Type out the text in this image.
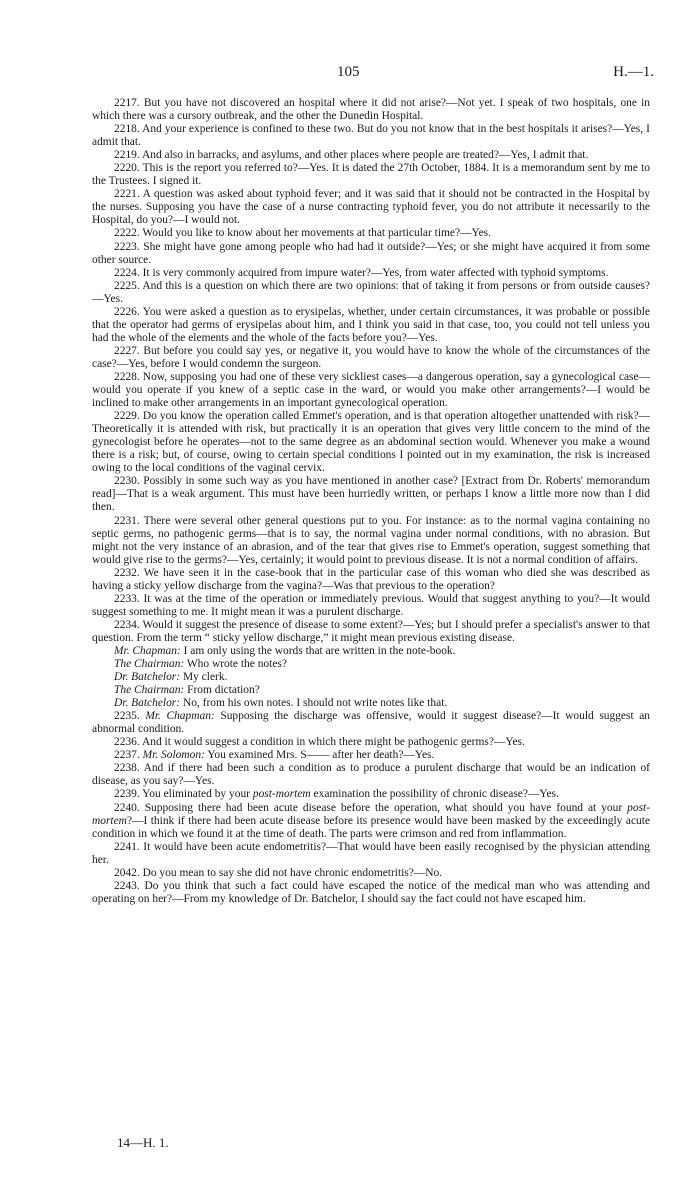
105	H.—1.

2217. But you have not discovered an hospital where it did not arise?—Not yet. I speak of two hospitals, one in which there was a cursory outbreak, and the other the Dunedin Hospital.

2218. And your experience is confined to these two. But do you not know that in the best hospitals it arises?—Yes, I admit that.

2219. And also in barracks, and asylums, and other places where people are treated?—Yes, I admit that.

2220. This is the report you referred to?—Yes. It is dated the 27th October, 1884. It is a memorandum sent by me to the Trustees. I signed it.

2221. A question was asked about typhoid fever; and it was said that it should not be contracted in the Hospital by the nurses. Supposing you have the case of a nurse contracting typhoid fever, you do not attribute it necessarily to the Hospital, do you?—I would not.

2222. Would you like to know about her movements at that particular time?—Yes.

2223. She might have gone among people who had had it outside?—Yes; or she might have acquired it from some other source.

2224. It is very commonly acquired from impure water?—Yes, from water affected with typhoid symptoms.

2225. And this is a question on which there are two opinions: that of taking it from persons or from outside causes?—Yes.

2226. You were asked a question as to erysipelas, whether, under certain circumstances, it was probable or possible that the operator had germs of erysipelas about him, and I think you said in that case, too, you could not tell unless you had the whole of the elements and the whole of the facts before you?—Yes.

2227. But before you could say yes, or negative it, you would have to know the whole of the circumstances of the case?—Yes, before I would condemn the surgeon.

2228. Now, supposing you had one of these very sickliest cases—a dangerous operation, say a gynecological case—would you operate if you knew of a septic case in the ward, or would you make other arrangements?—I would be inclined to make other arrangements in an important gynecological operation.

2229. Do you know the operation called Emmet's operation, and is that operation altogether unattended with risk?—Theoretically it is attended with risk, but practically it is an operation that gives very little concern to the mind of the gynecologist before he operates—not to the same degree as an abdominal section would. Whenever you make a wound there is a risk; but, of course, owing to certain special conditions I pointed out in my examination, the risk is increased owing to the local conditions of the vaginal cervix.

2230. Possibly in some such way as you have mentioned in another case? [Extract from Dr. Roberts' memorandum read]—That is a weak argument. This must have been hurriedly written, or perhaps I know a little more now than I did then.

2231. There were several other general questions put to you. For instance: as to the normal vagina containing no septic germs, no pathogenic germs—that is to say, the normal vagina under normal conditions, with no abrasion. But might not the very instance of an abrasion, and of the tear that gives rise to Emmet's operation, suggest something that would give rise to the germs?—Yes, certainly; it would point to previous disease. It is not a normal condition of affairs.

2232. We have seen it in the case-book that in the particular case of this woman who died she was described as having a sticky yellow discharge from the vagina?—Was that previous to the operation?

2233. It was at the time of the operation or immediately previous. Would that suggest anything to you?—It would suggest something to me. It might mean it was a purulent discharge.

2234. Would it suggest the presence of disease to some extent?—Yes; but I should prefer a specialist's answer to that question. From the term “ sticky yellow discharge,” it might mean previous existing disease.

Mr. Chapman: I am only using the words that are written in the note-book.

The Chairman: Who wrote the notes?

Dr. Batchelor: My clerk.

The Chairman: From dictation?

Dr. Batchelor: No, from his own notes. I should not write notes like that.

2235. Mr. Chapman: Supposing the discharge was offensive, would it suggest disease?—It would suggest an abnormal condition.

2236. And it would suggest a condition in which there might be pathogenic germs?—Yes.

2237. Mr. Solomon: You examined Mrs. S—— after her death?—Yes.

2238. And if there had been such a condition as to produce a purulent discharge that would be an indication of disease, as you say?—Yes.

2239. You eliminated by your post-mortem examination the possibility of chronic disease?—Yes.

2240. Supposing there had been acute disease before the operation, what should you have found at your post-mortem?—I think if there had been acute disease before its presence would have been masked by the exceedingly acute condition in which we found it at the time of death. The parts were crimson and red from inflammation.

2241. It would have been acute endometritis?—That would have been easily recognised by the physician attending her.

2042. Do you mean to say she did not have chronic endometritis?—No.

2243. Do you think that such a fact could have escaped the notice of the medical man who was attending and operating on her?—From my knowledge of Dr. Batchelor, I should say the fact could not have escaped him.

14—H. 1.
